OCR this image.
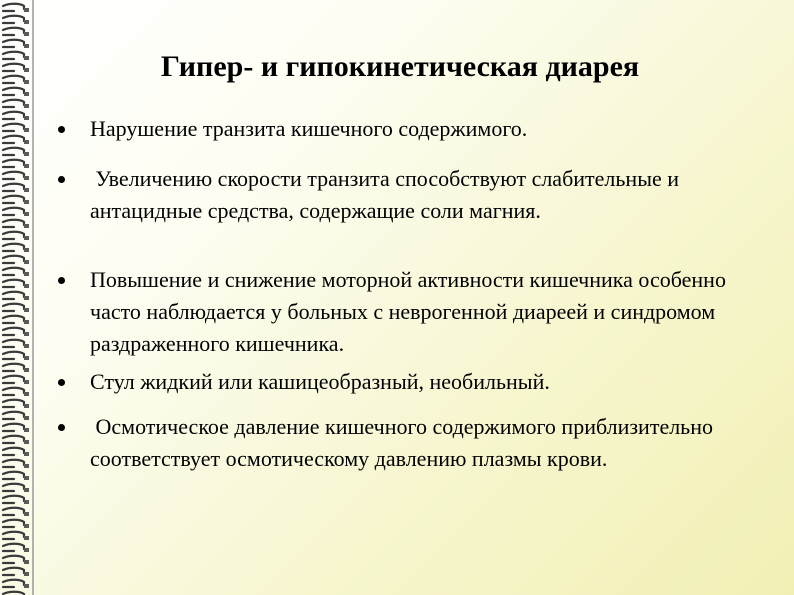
Гипер- и гипокинетическая диарея
Нарушение транзита кишечного содержимого.
Увеличению скорости транзита способствуют слабительные и антацидные средства, содержащие соли магния.
Повышение и снижение моторной активности кишечника особенно часто наблюдается у больных с неврогенной диареей и синдромом раздраженного кишечника.
Стул жидкий или кашицеобразный, необильный.
Осмотическое давление кишечного содержимого приблизительно соответствует осмотическому давлению плазмы крови.
